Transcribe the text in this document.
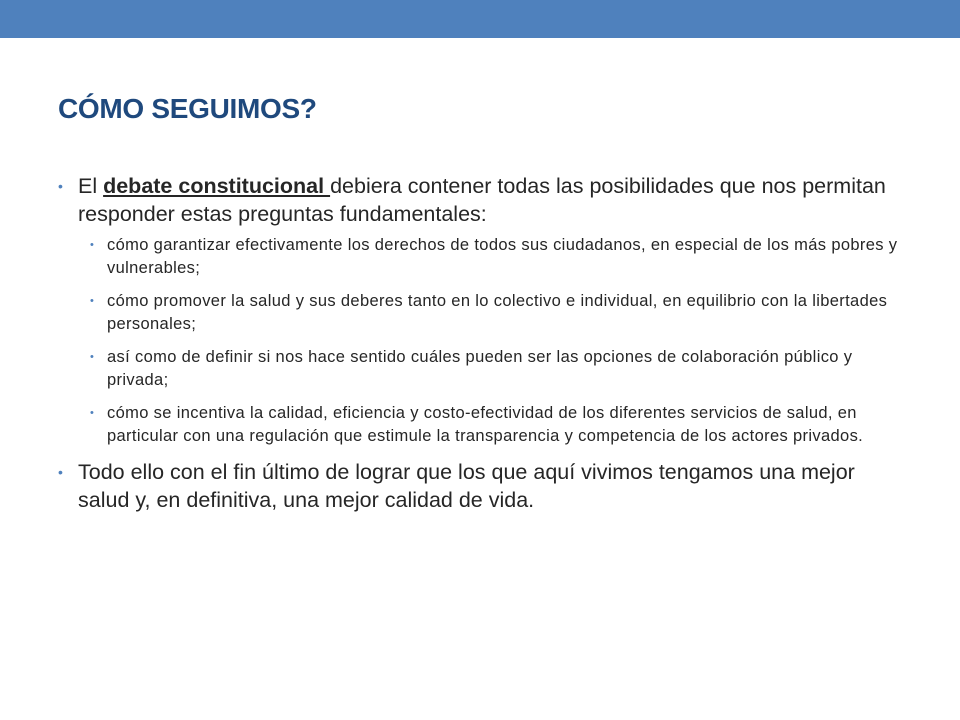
CÓMO SEGUIMOS?
• El debate constitucional debiera contener todas las posibilidades que nos permitan responder estas preguntas fundamentales:
• cómo garantizar efectivamente los derechos de todos sus ciudadanos, en especial de los más pobres y vulnerables;
• cómo promover la salud y sus deberes tanto en lo colectivo e individual, en equilibrio con la libertades personales;
• así como de definir si nos hace sentido cuáles pueden ser las opciones de colaboración público y privada;
• cómo se incentiva la calidad, eficiencia y costo-efectividad de los diferentes servicios de salud, en particular con una regulación que estimule la transparencia y competencia de los actores privados.
• Todo ello con el fin último de lograr que los que aquí vivimos tengamos una mejor salud y, en definitiva, una mejor calidad de vida.
